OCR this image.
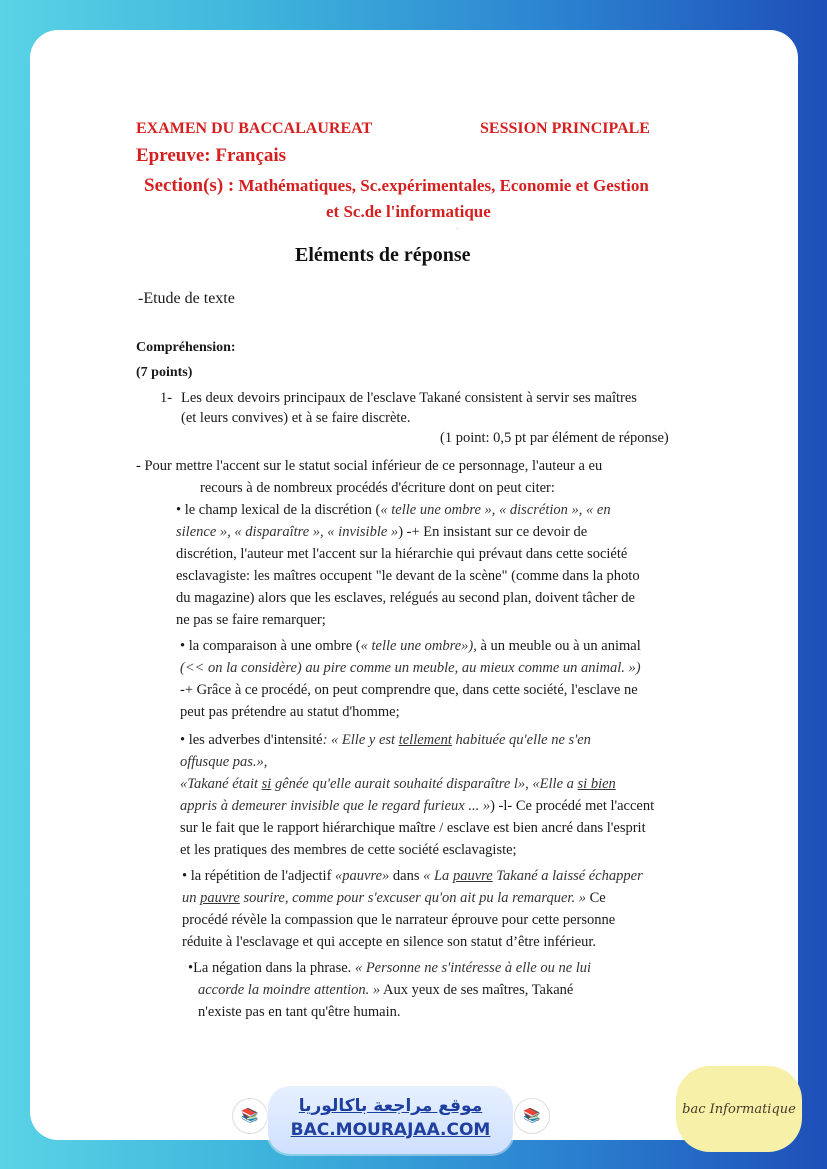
EXAMEN DU BACCALAUREAT	SESSION PRINCIPALE
Epreuve: Français
Section(s) : Mathématiques, Sc.expérimentales, Economie et Gestion
et Sc.de l'informatique
´
Eléments de réponse
-Etude de texte
Compréhension:
(7 points)
1- Les deux devoirs principaux de l'esclave Takané consistent à servir ses maîtres
(et leurs convives) et à se faire discrète.
(1 point: 0,5 pt par élément de réponse)
- Pour mettre l'accent sur le statut social inférieur de ce personnage, l'auteur a eu
recours à de nombreux procédés d'écriture dont on peut citer:
• le champ lexical de la discrétion (« telle une ombre », « discrétion », « en
silence », « disparaître », « invisible ») -+ En insistant sur ce devoir de
discrétion, l'auteur met l'accent sur la hiérarchie qui prévaut dans cette société
esclavagiste: les maîtres occupent "le devant de la scène" (comme dans la photo
du magazine) alors que les esclaves, relégués au second plan, doivent tâcher de
ne pas se faire remarquer;
• la comparaison à une ombre (« telle une ombre»), à un meuble ou à un animal
(<< on la considère) au pire comme un meuble, au mieux comme un animal. »)
-+ Grâce à ce procédé, on peut comprendre que, dans cette société, l'esclave ne
peut pas prétendre au statut d'homme;
• les adverbes d'intensité: « Elle y est tellement habituée qu'elle ne s'en
offusque pas.»,
«Takané était si gênée qu'elle aurait souhaité disparaître l», «Elle a si bien
appris à demeurer invisible que le regard furieux ... ») -l- Ce procédé met l'accent
sur le fait que le rapport hiérarchique maître / esclave est bien ancré dans l'esprit
et les pratiques des membres de cette société esclavagiste;
• la répétition de l'adjectif «pauvre» dans « La pauvre Takané a laissé échapper
un pauvre sourire, comme pour s'excuser qu'on ait pu la remarquer. » Ce
procédé révèle la compassion que le narrateur éprouve pour cette personne
réduite à l'esclavage et qui accepte en silence son statut d’être inférieur.
•La négation dans la phrase. « Personne ne s'intéresse à elle ou ne lui
accorde la moindre attention. » Aux yeux de ses maîtres, Takané
n'existe pas en tant qu'être humain.
📚	موقع مراجعة باكالوريا
BAC.MOURAJAA.COM
📚	bac Informatique
